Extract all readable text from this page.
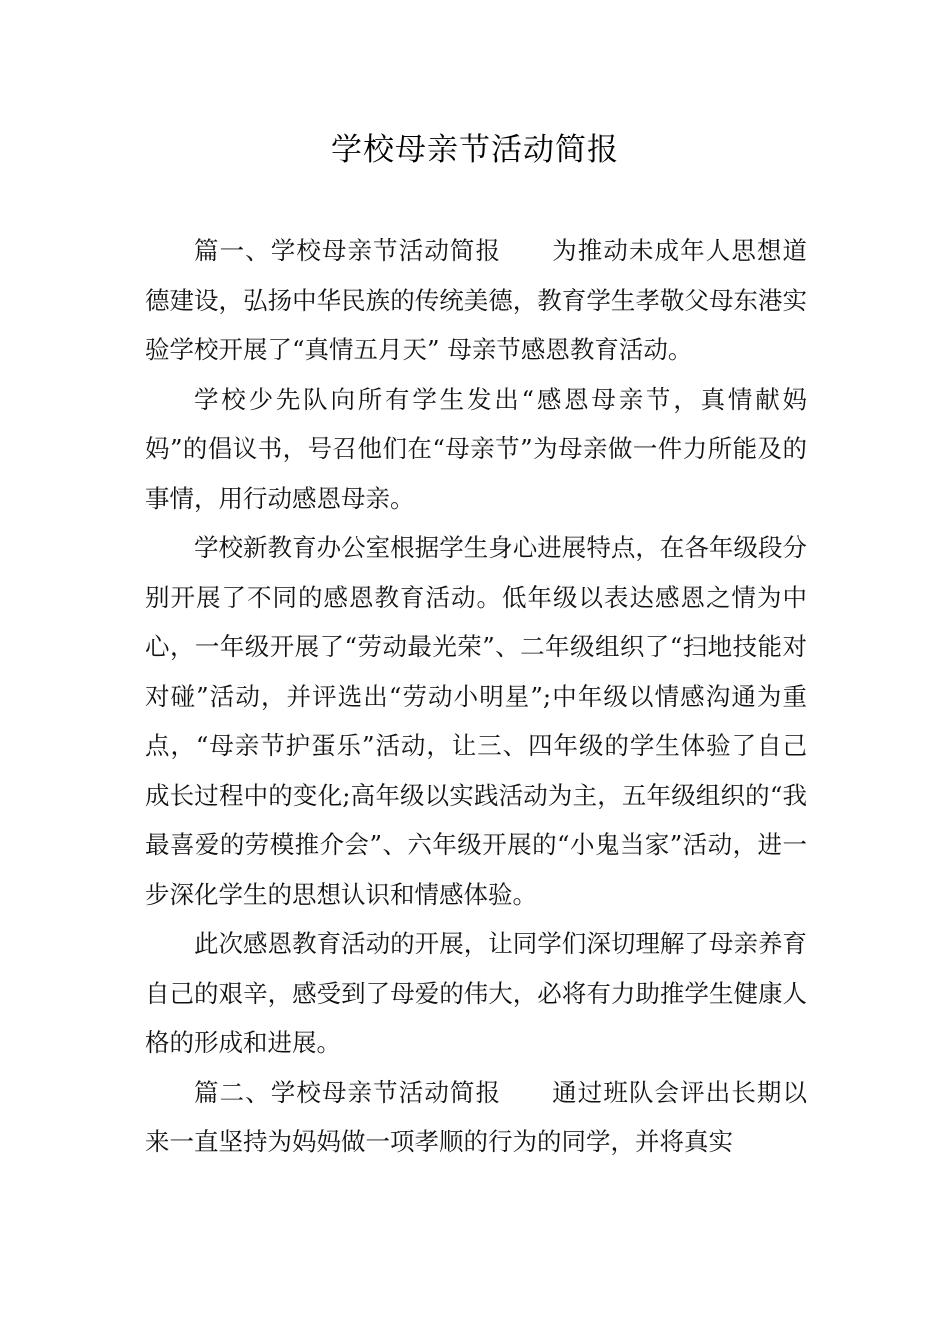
学校母亲节活动简报

篇一、学校母亲节活动简报 为推动未成年人思想道德建设，弘扬中华民族的传统美德，教育学生孝敬父母东港实验学校开展了“真情五月天” 母亲节感恩教育活动。

学校少先队向所有学生发出“感恩母亲节，真情献妈妈”的倡议书，号召他们在“母亲节”为母亲做一件力所能及的事情，用行动感恩母亲。

学校新教育办公室根据学生身心进展特点，在各年级段分别开展了不同的感恩教育活动。低年级以表达感恩之情为中心，一年级开展了“劳动最光荣”、二年级组织了“扫地技能对对碰”活动，并评选出“劳动小明星”;中年级以情感沟通为重点，“母亲节护蛋乐”活动，让三、四年级的学生体验了自己成长过程中的变化;高年级以实践活动为主，五年级组织的“我最喜爱的劳模推介会”、六年级开展的“小鬼当家”活动，进一步深化学生的思想认识和情感体验。

此次感恩教育活动的开展，让同学们深切理解了母亲养育自己的艰辛，感受到了母爱的伟大，必将有力助推学生健康人格的形成和进展。

篇二、学校母亲节活动简报 通过班队会评出长期以来一直坚持为妈妈做一项孝顺的行为的同学，并将真实
